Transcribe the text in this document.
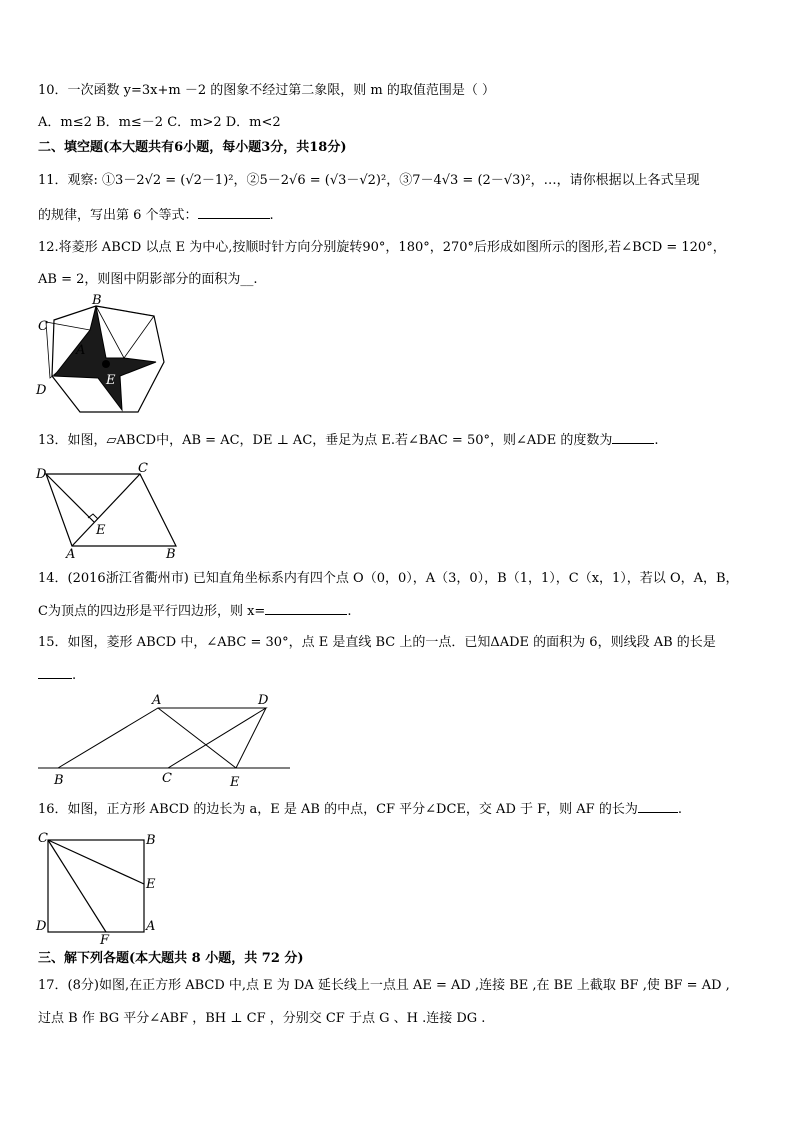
10．一次函数 y=3x+m －2 的图象不经过第二象限，则 m 的取值范围是（ ）
A．m≤2 B．m≤－2 C．m>2 D．m<2
二、填空题(本大题共有6小题，每小题3分，共18分)
11．观察: ①3－2√2 = (√2－1)²，②5－2√6 = (√3－√2)²，③7－4√3 = (2－√3)²，…，请你根据以上各式呈现
的规律，写出第 6 个等式：	.
12.将菱形 ABCD 以点 E 为中心,按顺时针方向分别旋转90°，180°，270°后形成如图所示的图形,若∠BCD = 120°，
AB = 2，则图中阴影部分的面积为__.
B
C
A
D
E
13．如图，▱ABCD中，AB = AC，DE ⊥ AC，垂足为点 E.若∠BAC = 50°，则∠ADE 的度数为	.
D	C
E
A	B
14．(2016浙江省衢州市) 已知直角坐标系内有四个点 O（0，0），A（3，0），B（1，1），C（x，1），若以 O，A，B，
C为顶点的四边形是平行四边形，则 x=	.
15．如图，菱形 ABCD 中，∠ABC = 30°，点 E 是直线 BC 上的一点．已知ΔADE 的面积为 6，则线段 AB 的长是
.
A	D
B	C	E
16．如图，正方形 ABCD 的边长为 a，E 是 AB 的中点，CF 平分∠DCE，交 AD 于 F，则 AF 的长为	.
C	B
E
D	A
F
三、解下列各题(本大题共 8 小题，共 72 分)
17．(8分)如图,在正方形 ABCD 中,点 E 为 DA 延长线上一点且 AE = AD ,连接 BE ,在 BE 上截取 BF ,使 BF = AD ,
过点 B 作 BG 平分∠ABF ，BH ⊥ CF ，分别交 CF 于点 G 、H .连接 DG .
